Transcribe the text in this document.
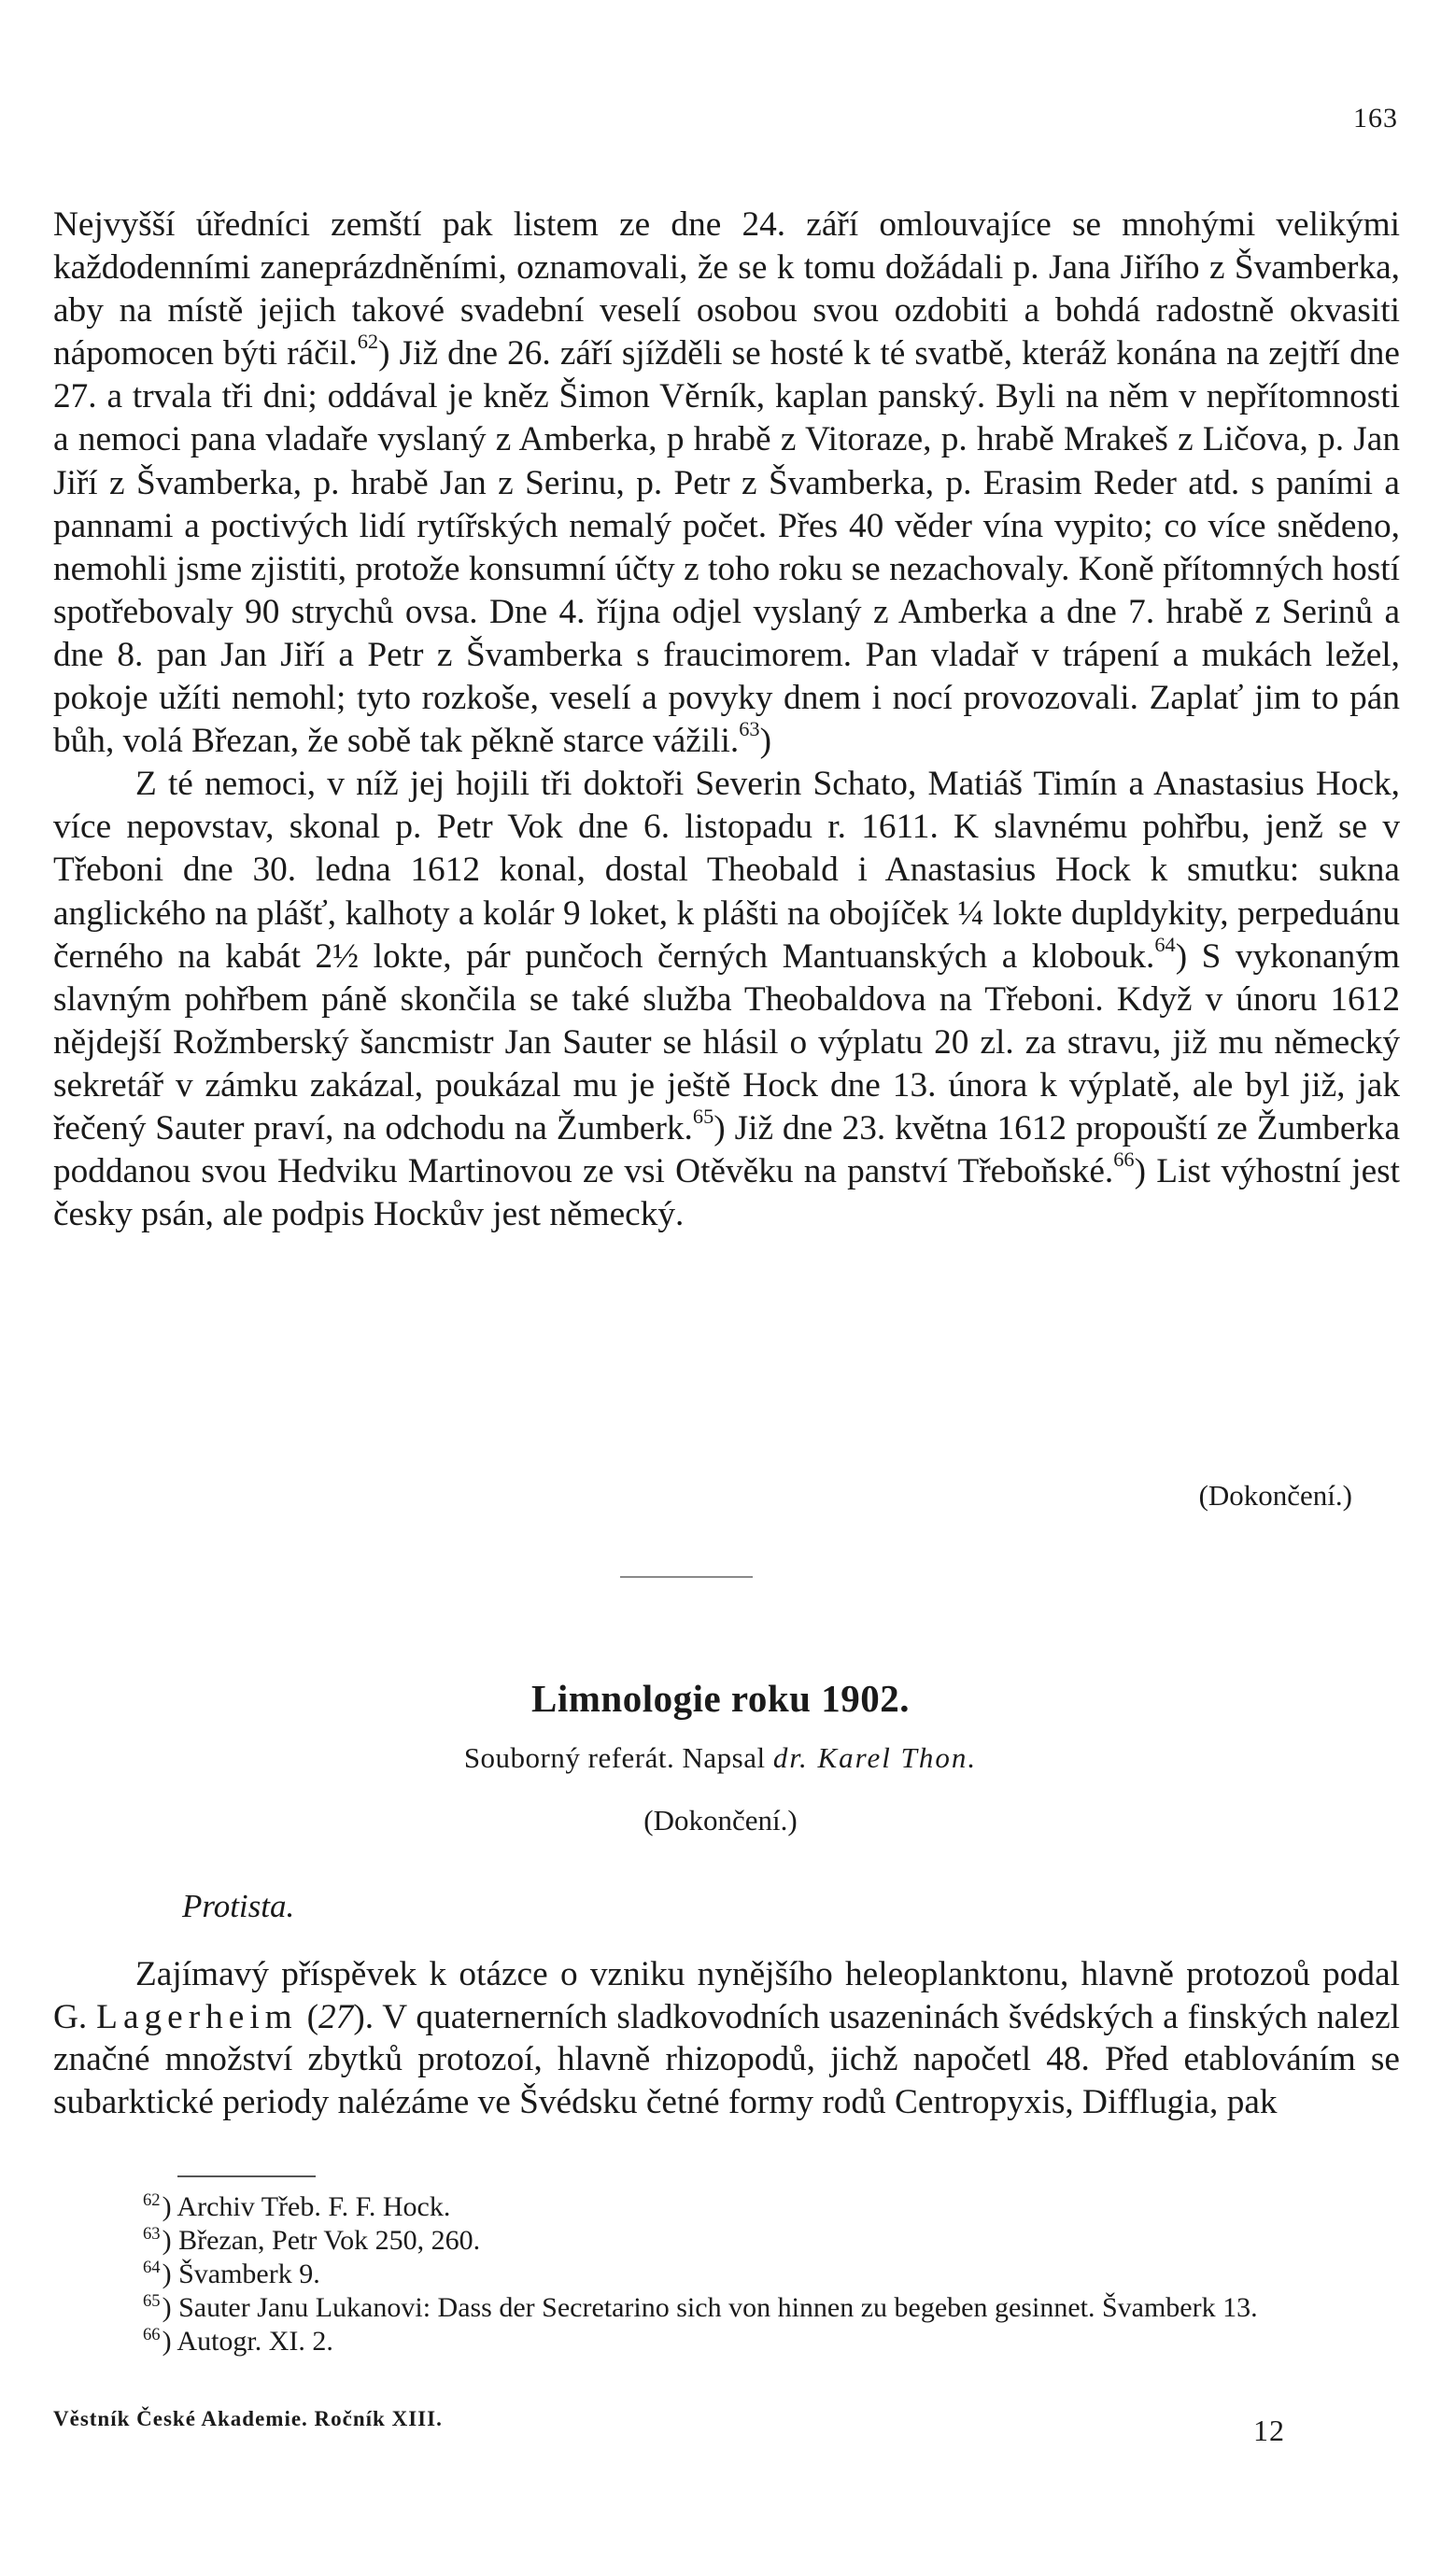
163

Nejvyšší úředníci zemští pak listem ze dne 24. září omlouvajíce se mnohými velikými každodenními zaneprázdněními, oznamovali, že se k tomu dožádali p. Jana Jiřího z Švamberka, aby na místě jejich takové svadební veselí osobou svou ozdobiti a bohdá radostně okvasiti nápomocen býti ráčil.$^{62}$) Již dne 26. září sjížděli se hosté k té svatbě, kteráž konána na zejtří dne 27. a trvala tři dni; oddával je kněz Šimon Věrník, kaplan panský. Byli na něm v nepřítomnosti a nemoci pana vladaře vyslaný z Amberka, p hrabě z Vitoraze, p. hrabě Mrakeš z Ličova, p. Jan Jiří z Švamberka, p. hrabě Jan z Serinu, p. Petr z Švamberka, p. Erasim Reder atd. s paními a pannami a poctivých lidí rytířských nemalý počet. Přes 40 věder vína vypito; co více snědeno, nemohli jsme zjistiti, protože konsumní účty z toho roku se nezachovaly. Koně přítomných hostí spotřebovaly 90 strychů ovsa. Dne 4. října odjel vyslaný z Amberka a dne 7. hrabě z Serinů a dne 8. pan Jan Jiří a Petr z Švamberka s fraucimorem. Pan vladař v trápení a mukách ležel, pokoje užíti nemohl; tyto rozkoše, veselí a povyky dnem i nocí provozovali. Zaplať jim to pán bůh, volá Březan, že sobě tak pěkně starce vážili.$^{63}$)

Z té nemoci, v níž jej hojili tři doktoři Severin Schato, Matiáš Timín a Anastasius Hock, více nepovstav, skonal p. Petr Vok dne 6. listopadu r. 1611. K slavnému pohřbu, jenž se v Třeboni dne 30. ledna 1612 konal, dostal Theobald i Anastasius Hock k smutku: sukna anglického na plášť, kalhoty a kolár 9 loket, k plášti na obojíček ¼ lokte dupldykity, perpeduánu černého na kabát 2½ lokte, pár punčoch černých Mantuanských a klobouk.$^{64}$) S vykonaným slavným pohřbem páně skončila se také služba Theobaldova na Třeboni. Když v únoru 1612 nějdejší Rožmberský šancmistr Jan Sauter se hlásil o výplatu 20 zl. za stravu, již mu německý sekretář v zámku zakázal, poukázal mu je ještě Hock dne 13. února k výplatě, ale byl již, jak řečený Sauter praví, na odchodu na Žumberk.$^{65}$) Již dne 23. května 1612 propouští ze Žumberka poddanou svou Hedviku Martinovou ze vsi Otěvěku na panství Třeboňské.$^{66}$) List výhostní jest česky psán, ale podpis Hockův jest německý.

(Dokončení.)
Limnologie roku 1902.
Souborný referát. Napsal dr. Karel Thon.
(Dokončení.)
Protista.

Zajímavý příspěvek k otázce o vzniku nynějšího heleoplanktonu, hlavně protozoů podal G. Lagerheim (27). V quaternerních sladkovodních usazeninách švédských a finských nalezl značné množství zbytků protozoí, hlavně rhizopodů, jichž napočetl 48. Před etablováním se subarktické periody nalézáme ve Švédsku četné formy rodů Centropyxis, Difflugia, pak

$^{62}$) Archiv Třeb. F. F. Hock.

$^{63}$) Březan, Petr Vok 250, 260.

$^{64}$) Švamberk 9.

$^{65}$) Sauter Janu Lukanovi: Dass der Secretarino sich von hinnen zu begeben gesinnet. Švamberk 13.

$^{66}$) Autogr. XI. 2.

Věstník České Akademie. Ročník XIII.	12
